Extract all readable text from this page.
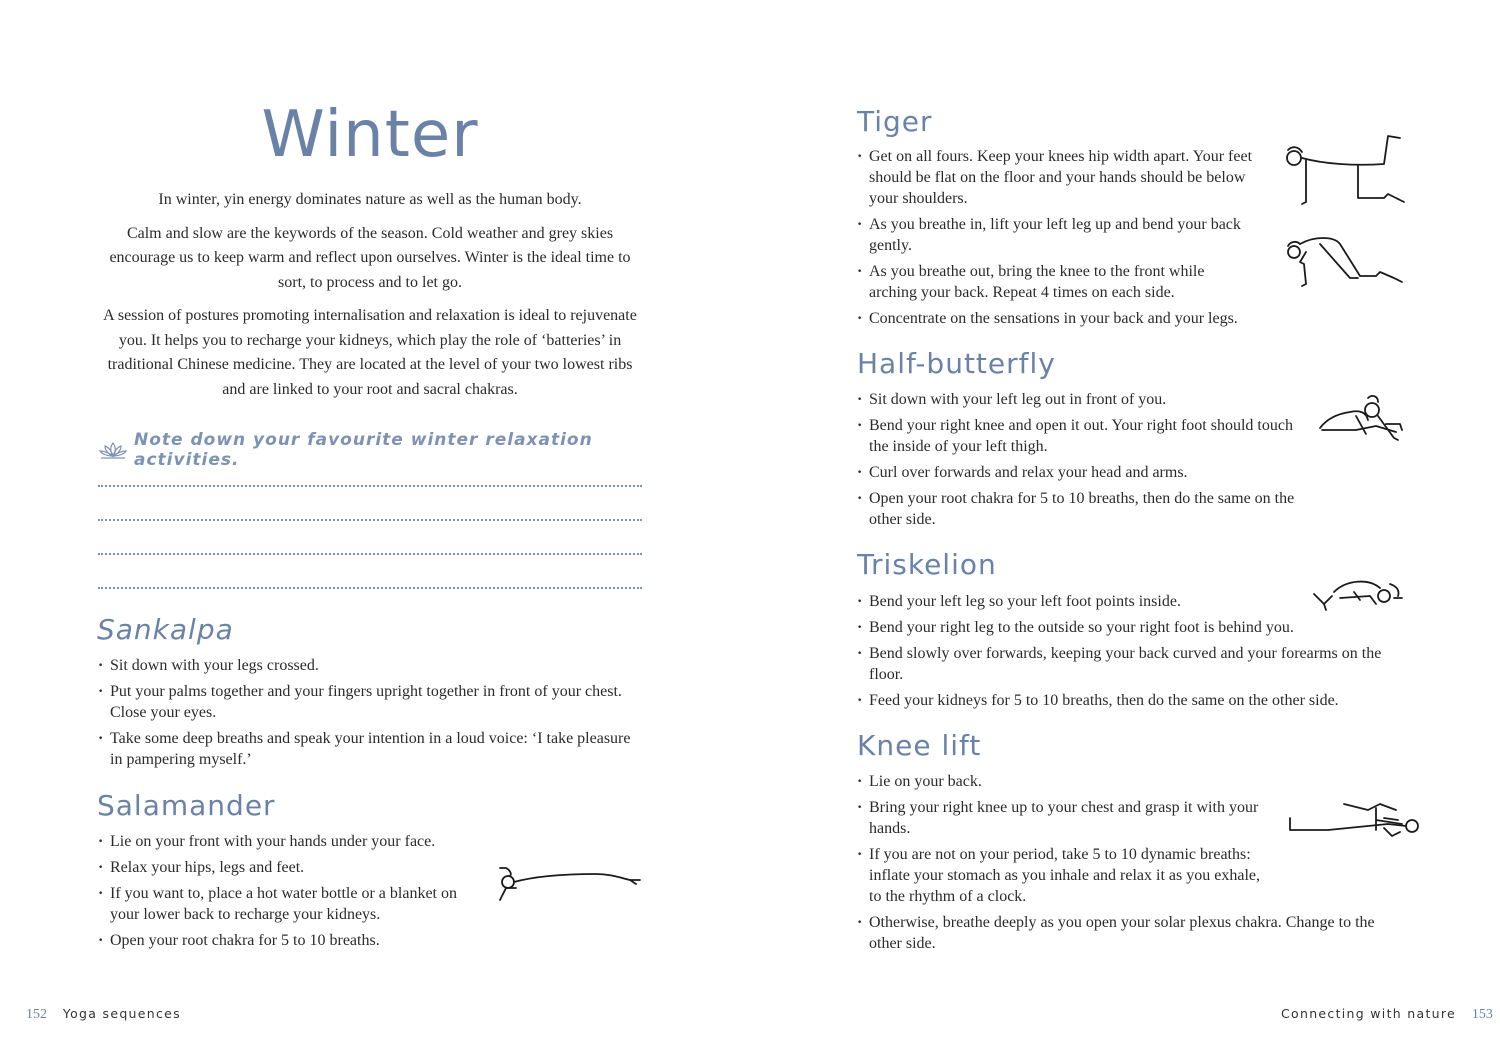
Winter

In winter, yin energy dominates nature as well as the human body.

Calm and slow are the keywords of the season. Cold weather and grey skies encourage us to keep warm and reflect upon ourselves. Winter is the ideal time to sort, to process and to let go.

A session of postures promoting internalisation and relaxation is ideal to rejuvenate you. It helps you to recharge your kidneys, which play the role of ‘batteries’ in traditional Chinese medicine. They are located at the level of your two lowest ribs and are linked to your root and sacral chakras.

Note down your favourite winter relaxation activities.
Sankalpa
· Sit down with your legs crossed.
· Put your palms together and your fingers upright together in front of your chest. Close your eyes.
· Take some deep breaths and speak your intention in a loud voice: ‘I take pleasure in pampering myself.’
Salamander
· Lie on your front with your hands under your face.
· Relax your hips, legs and feet.
· If you want to, place a hot water bottle or a blanket on your lower back to recharge your kidneys.
· Open your root chakra for 5 to 10 breaths.
152 Yoga sequences
Tiger
· Get on all fours. Keep your knees hip width apart. Your feet should be flat on the floor and your hands should be below your shoulders.
· As you breathe in, lift your left leg up and bend your back gently.
· As you breathe out, bring the knee to the front while arching your back. Repeat 4 times on each side.
· Concentrate on the sensations in your back and your legs.
Half-butterfly
· Sit down with your left leg out in front of you.
· Bend your right knee and open it out. Your right foot should touch the inside of your left thigh.
· Curl over forwards and relax your head and arms.
· Open your root chakra for 5 to 10 breaths, then do the same on the other side.
Triskelion
· Bend your left leg so your left foot points inside.
· Bend your right leg to the outside so your right foot is behind you.
· Bend slowly over forwards, keeping your back curved and your forearms on the floor.
· Feed your kidneys for 5 to 10 breaths, then do the same on the other side.
Knee lift
· Lie on your back.
· Bring your right knee up to your chest and grasp it with your hands.
· If you are not on your period, take 5 to 10 dynamic breaths: inflate your stomach as you inhale and relax it as you exhale, to the rhythm of a clock.
· Otherwise, breathe deeply as you open your solar plexus chakra. Change to the other side.
Connecting with nature 153
